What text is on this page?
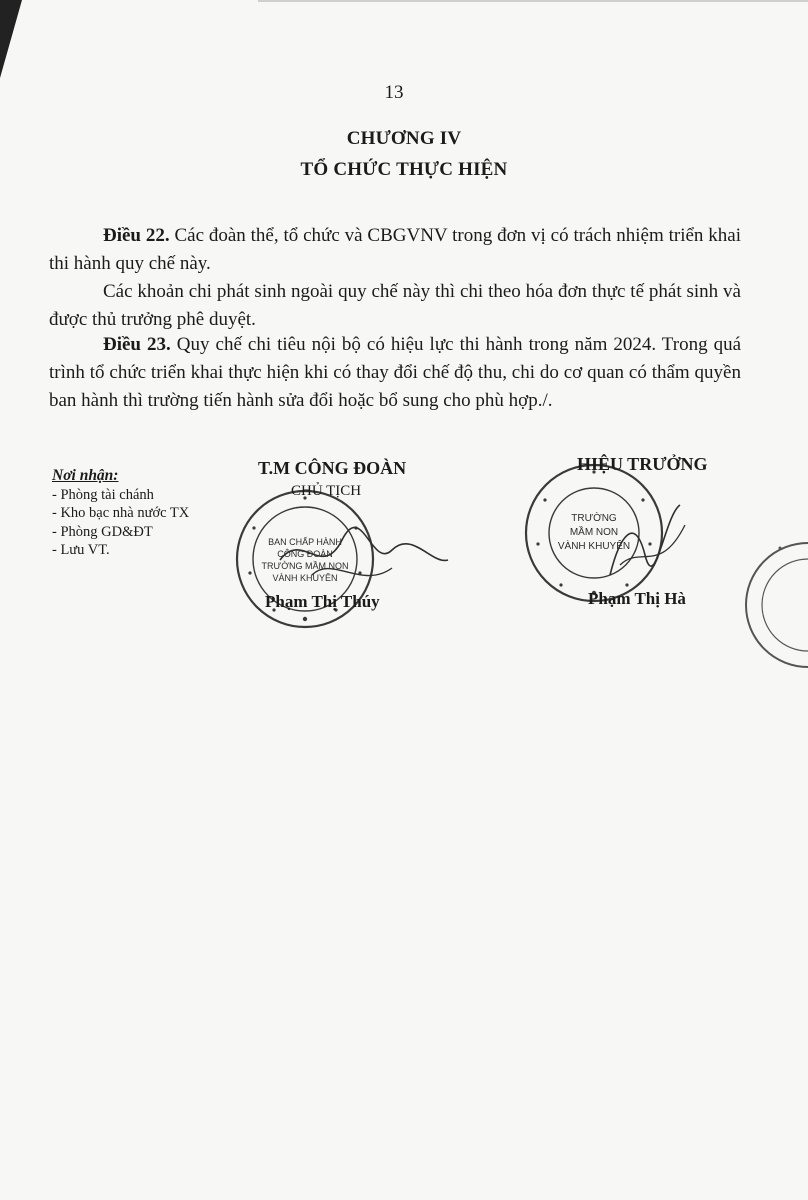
13
CHƯƠNG IV
TỔ CHỨC THỰC HIỆN

Điều 22. Các đoàn thể, tổ chức và CBGVNV trong đơn vị có trách nhiệm triển khai thi hành quy chế này.

Các khoản chi phát sinh ngoài quy chế này thì chi theo hóa đơn thực tế phát sinh và được thủ trưởng phê duyệt.

Điều 23. Quy chế chi tiêu nội bộ có hiệu lực thi hành trong năm 2024. Trong quá trình tổ chức triển khai thực hiện khi có thay đổi chế độ thu, chi do cơ quan có thẩm quyền ban hành thì trường tiến hành sửa đổi hoặc bổ sung cho phù hợp./.

Nơi nhận:
- Phòng tài chánh
- Kho bạc nhà nước TX
- Phòng GD&ĐT
- Lưu VT.	BAN CHẤP HÀNH
CÔNG ĐOÀN
TRƯỜNG MẦM NON
VÀNH KHUYÊN
T.M CÔNG ĐOÀN
CHỦ TỊCH
Phạm Thị Thúy
TRƯỜNG
MẦM NON
VÀNH KHUYÊN
HIỆU TRƯỞNG
Phạm Thị Hà
